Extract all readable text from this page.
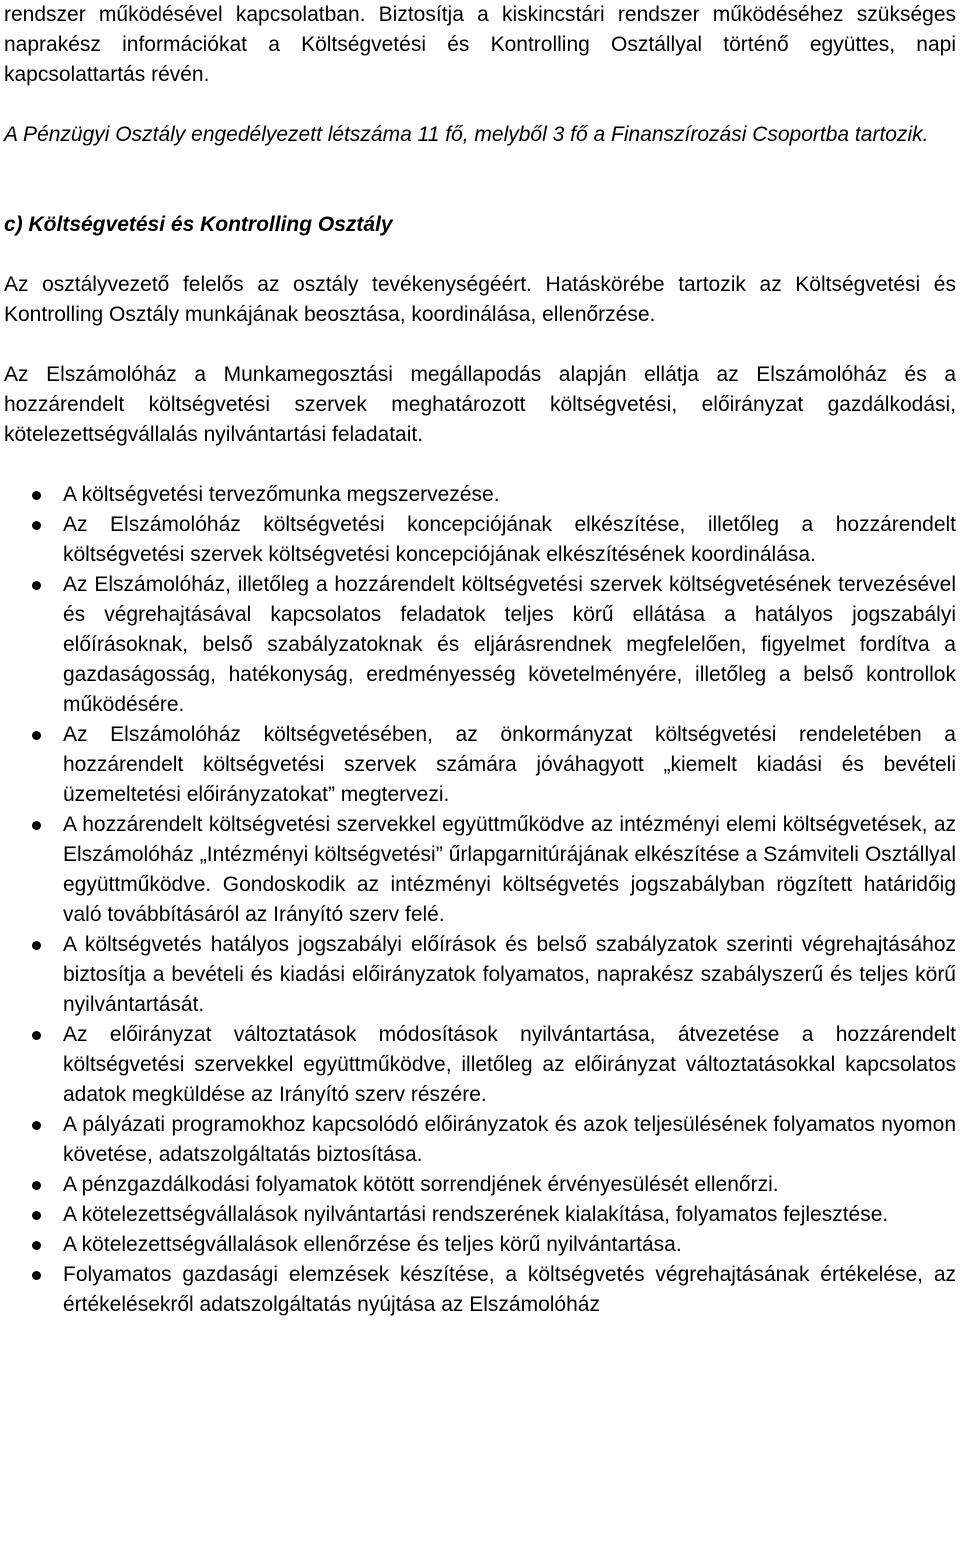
rendszer működésével kapcsolatban. Biztosítja a kiskincstári rendszer működéséhez szükséges naprakész információkat a Költségvetési és Kontrolling Osztállyal történő együttes, napi kapcsolattartás révén.

A Pénzügyi Osztály engedélyezett létszáma 11 fő, melyből 3 fő a Finanszírozási Csoportba tartozik.

c) Költségvetési és Kontrolling Osztály

Az osztályvezető felelős az osztály tevékenységéért. Hatáskörébe tartozik az Költségvetési és Kontrolling Osztály munkájának beosztása, koordinálása, ellenőrzése.

Az Elszámolóház a Munkamegosztási megállapodás alapján ellátja az Elszámolóház és a hozzárendelt költségvetési szervek meghatározott költségvetési, előirányzat gazdálkodási, kötelezettségvállalás nyilvántartási feladatait.

A költségvetési tervezőmunka megszervezése.
Az Elszámolóház költségvetési koncepciójának elkészítése, illetőleg a hozzárendelt költségvetési szervek költségvetési koncepciójának elkészítésének koordinálása.
Az Elszámolóház, illetőleg a hozzárendelt költségvetési szervek költségvetésének tervezésével és végrehajtásával kapcsolatos feladatok teljes körű ellátása a hatályos jogszabályi előírásoknak, belső szabályzatoknak és eljárásrendnek megfelelően, figyelmet fordítva a gazdaságosság, hatékonyság, eredményesség követelményére, illetőleg a belső kontrollok működésére.
Az Elszámolóház költségvetésében, az önkormányzat költségvetési rendeletében a hozzárendelt költségvetési szervek számára jóváhagyott „kiemelt kiadási és bevételi üzemeltetési előirányzatokat” megtervezi.
A hozzárendelt költségvetési szervekkel együttműködve az intézményi elemi költségvetések, az Elszámolóház „Intézményi költségvetési” űrlapgarnitúrájának elkészítése a Számviteli Osztállyal együttműködve. Gondoskodik az intézményi költségvetés jogszabályban rögzített határidőig való továbbításáról az Irányító szerv felé.
A költségvetés hatályos jogszabályi előírások és belső szabályzatok szerinti végrehajtásához biztosítja a bevételi és kiadási előirányzatok folyamatos, naprakész szabályszerű és teljes körű nyilvántartását.
Az előirányzat változtatások módosítások nyilvántartása, átvezetése a hozzárendelt költségvetési szervekkel együttműködve, illetőleg az előirányzat változtatásokkal kapcsolatos adatok megküldése az Irányító szerv részére.
A pályázati programokhoz kapcsolódó előirányzatok és azok teljesülésének folyamatos nyomon követése, adatszolgáltatás biztosítása.
A pénzgazdálkodási folyamatok kötött sorrendjének érvényesülését ellenőrzi.
A kötelezettségvállalások nyilvántartási rendszerének kialakítása, folyamatos fejlesztése.
A kötelezettségvállalások ellenőrzése és teljes körű nyilvántartása.
Folyamatos gazdasági elemzések készítése, a költségvetés végrehajtásának értékelése, az értékelésekről adatszolgáltatás nyújtása az Elszámolóház
